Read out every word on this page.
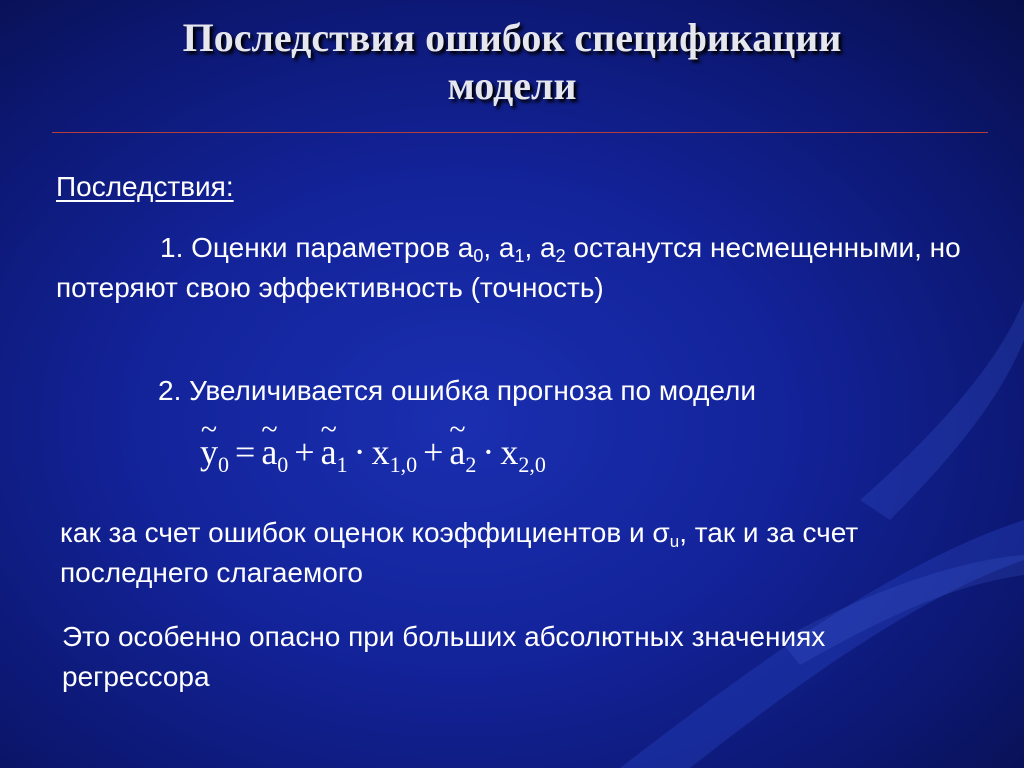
Последствия ошибок спецификации
модели
Последствия:
1. Оценки параметров $а_0$, $а_1$, $а_2$ останутся несмещенными, но потеряют свою эффективность (точность)
2. Увеличивается ошибка прогноза по модели
~ $y_0$ = ~ $a_0$ + ~ $a_1 \cdot x_{1,0}$ + ~ $a_2 \cdot x_{2,0}$
как за счет ошибок оценок коэффициентов и $\sigma_u$, так и за счет последнего слагаемого
Это особенно опасно при больших абсолютных значениях регрессора
